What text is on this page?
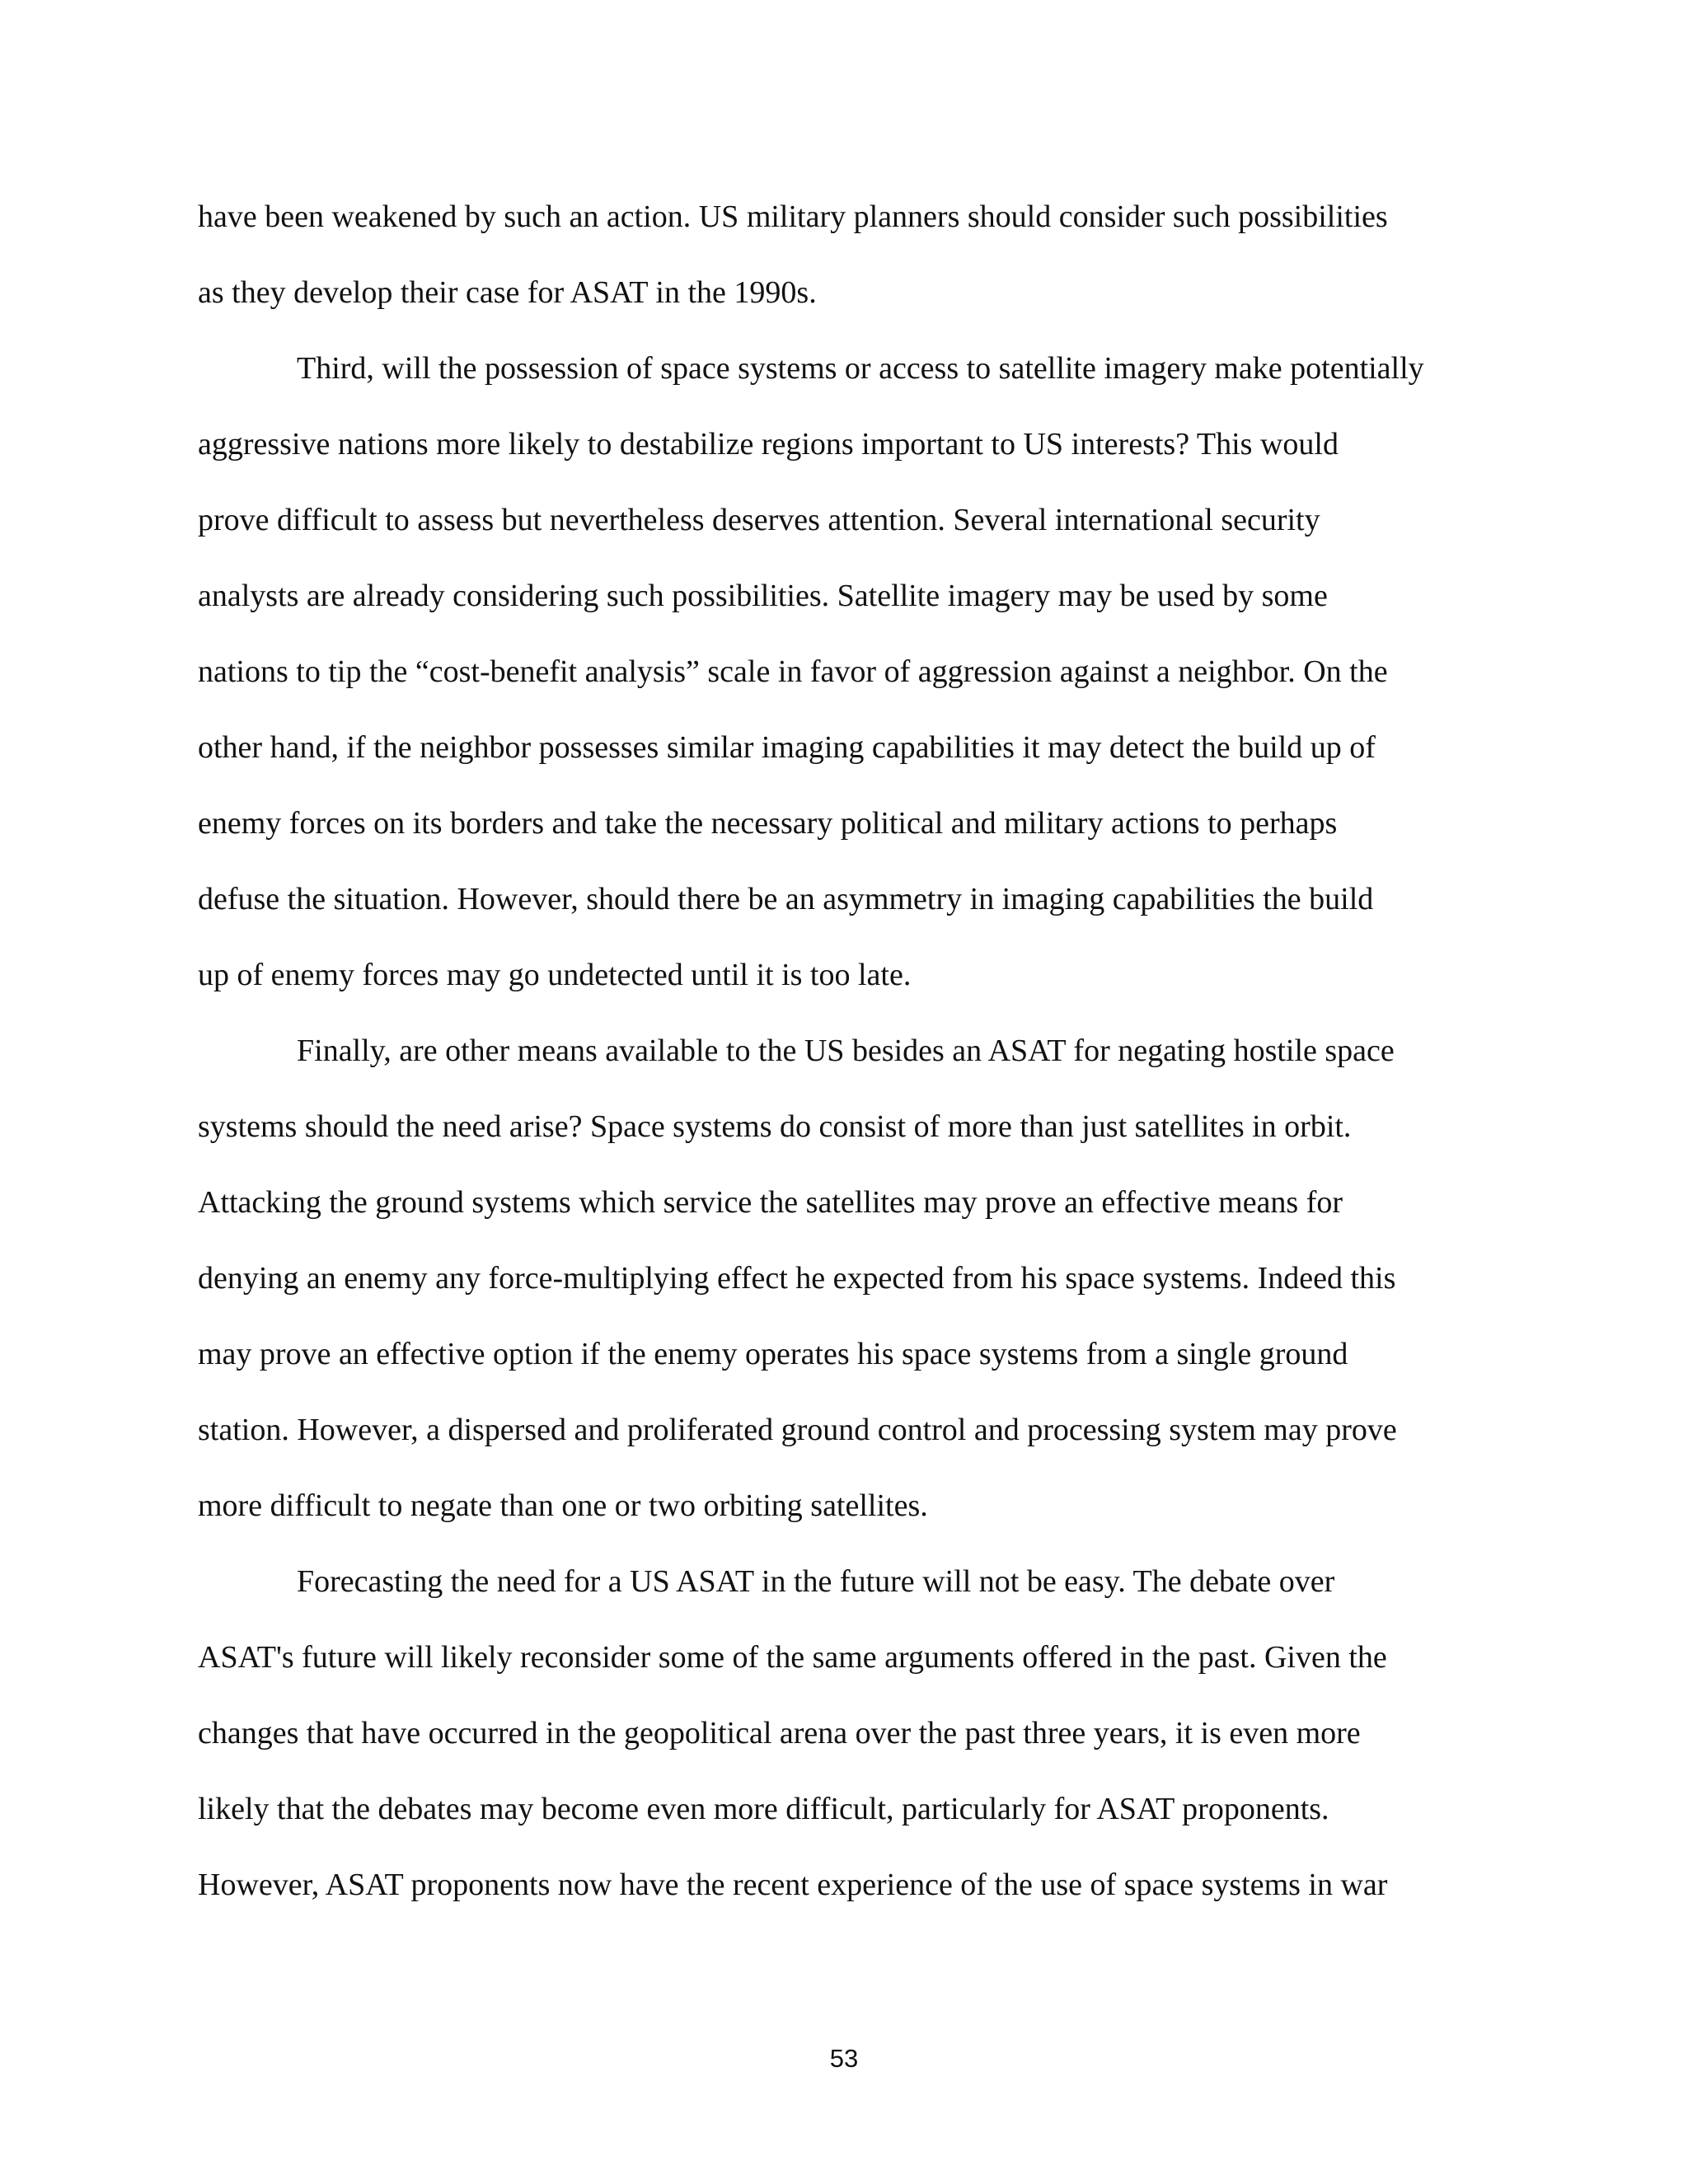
have been weakened by such an action. US military planners should consider such possibilities
as they develop their case for ASAT in the 1990s.
Third, will the possession of space systems or access to satellite imagery make potentially
aggressive nations more likely to destabilize regions important to US interests? This would
prove difficult to assess but nevertheless deserves attention. Several international security
analysts are already considering such possibilities. Satellite imagery may be used by some
nations to tip the “cost-benefit analysis” scale in favor of aggression against a neighbor. On the
other hand, if the neighbor possesses similar imaging capabilities it may detect the build up of
enemy forces on its borders and take the necessary political and military actions to perhaps
defuse the situation. However, should there be an asymmetry in imaging capabilities the build
up of enemy forces may go undetected until it is too late.
Finally, are other means available to the US besides an ASAT for negating hostile space
systems should the need arise? Space systems do consist of more than just satellites in orbit.
Attacking the ground systems which service the satellites may prove an effective means for
denying an enemy any force-multiplying effect he expected from his space systems. Indeed this
may prove an effective option if the enemy operates his space systems from a single ground
station. However, a dispersed and proliferated ground control and processing system may prove
more difficult to negate than one or two orbiting satellites.
Forecasting the need for a US ASAT in the future will not be easy. The debate over
ASAT's future will likely reconsider some of the same arguments offered in the past. Given the
changes that have occurred in the geopolitical arena over the past three years, it is even more
likely that the debates may become even more difficult, particularly for ASAT proponents.
However, ASAT proponents now have the recent experience of the use of space systems in war
53
